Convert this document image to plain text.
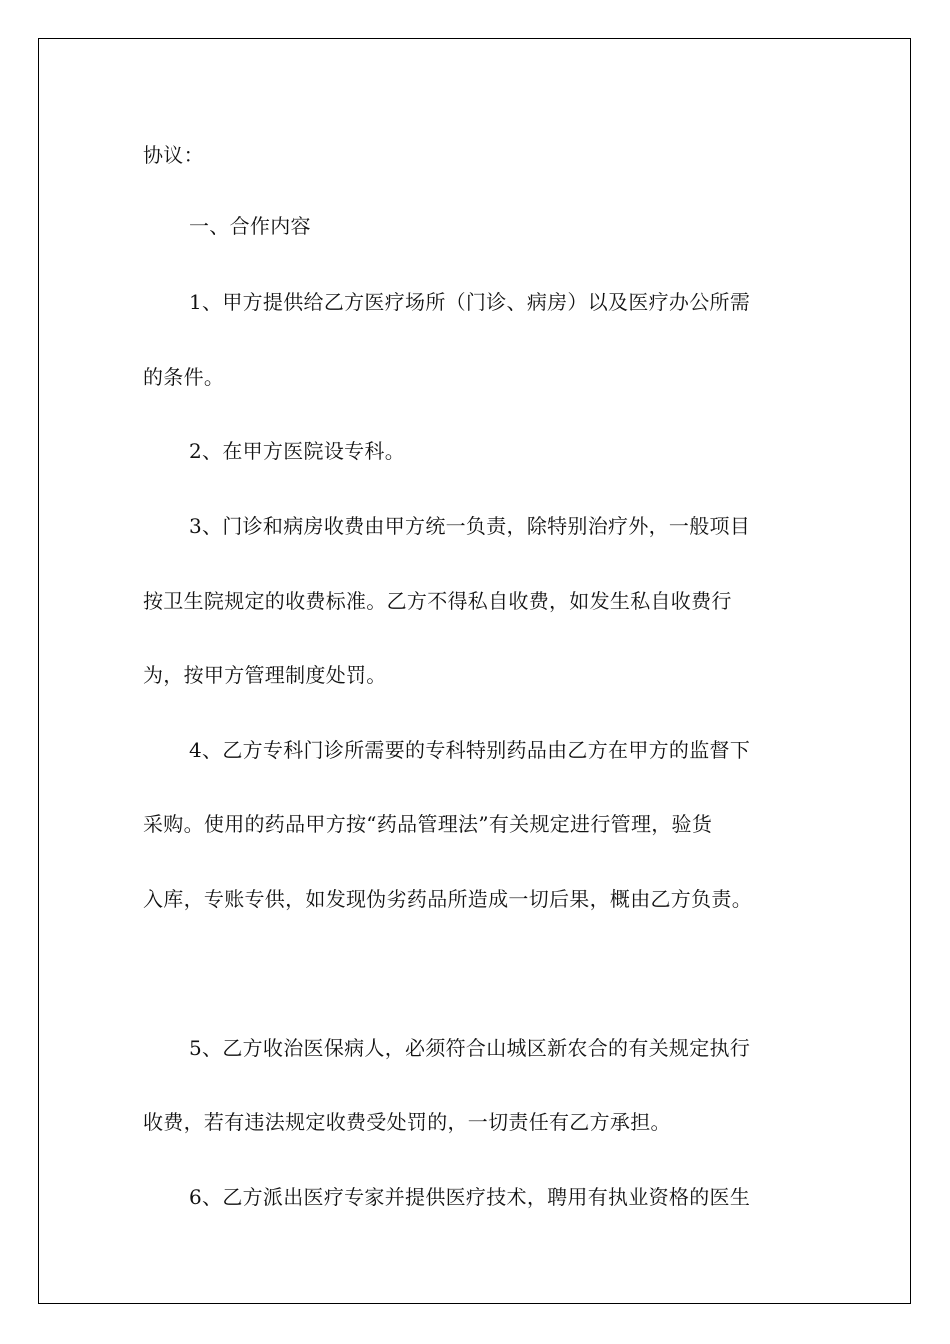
协议：
一、合作内容
1、甲方提供给乙方医疗场所（门诊、病房）以及医疗办公所需
的条件。
2、在甲方医院设专科。
3、门诊和病房收费由甲方统一负责，除特别治疗外，一般项目
按卫生院规定的收费标准。乙方不得私自收费，如发生私自收费行
为，按甲方管理制度处罚。
4、乙方专科门诊所需要的专科特别药品由乙方在甲方的监督下
采购。使用的药品甲方按“药品管理法”有关规定进行管理，验货
入库，专账专供，如发现伪劣药品所造成一切后果，概由乙方负责。
5、乙方收治医保病人，必须符合山城区新农合的有关规定执行
收费，若有违法规定收费受处罚的，一切责任有乙方承担。
6、乙方派出医疗专家并提供医疗技术，聘用有执业资格的医生
